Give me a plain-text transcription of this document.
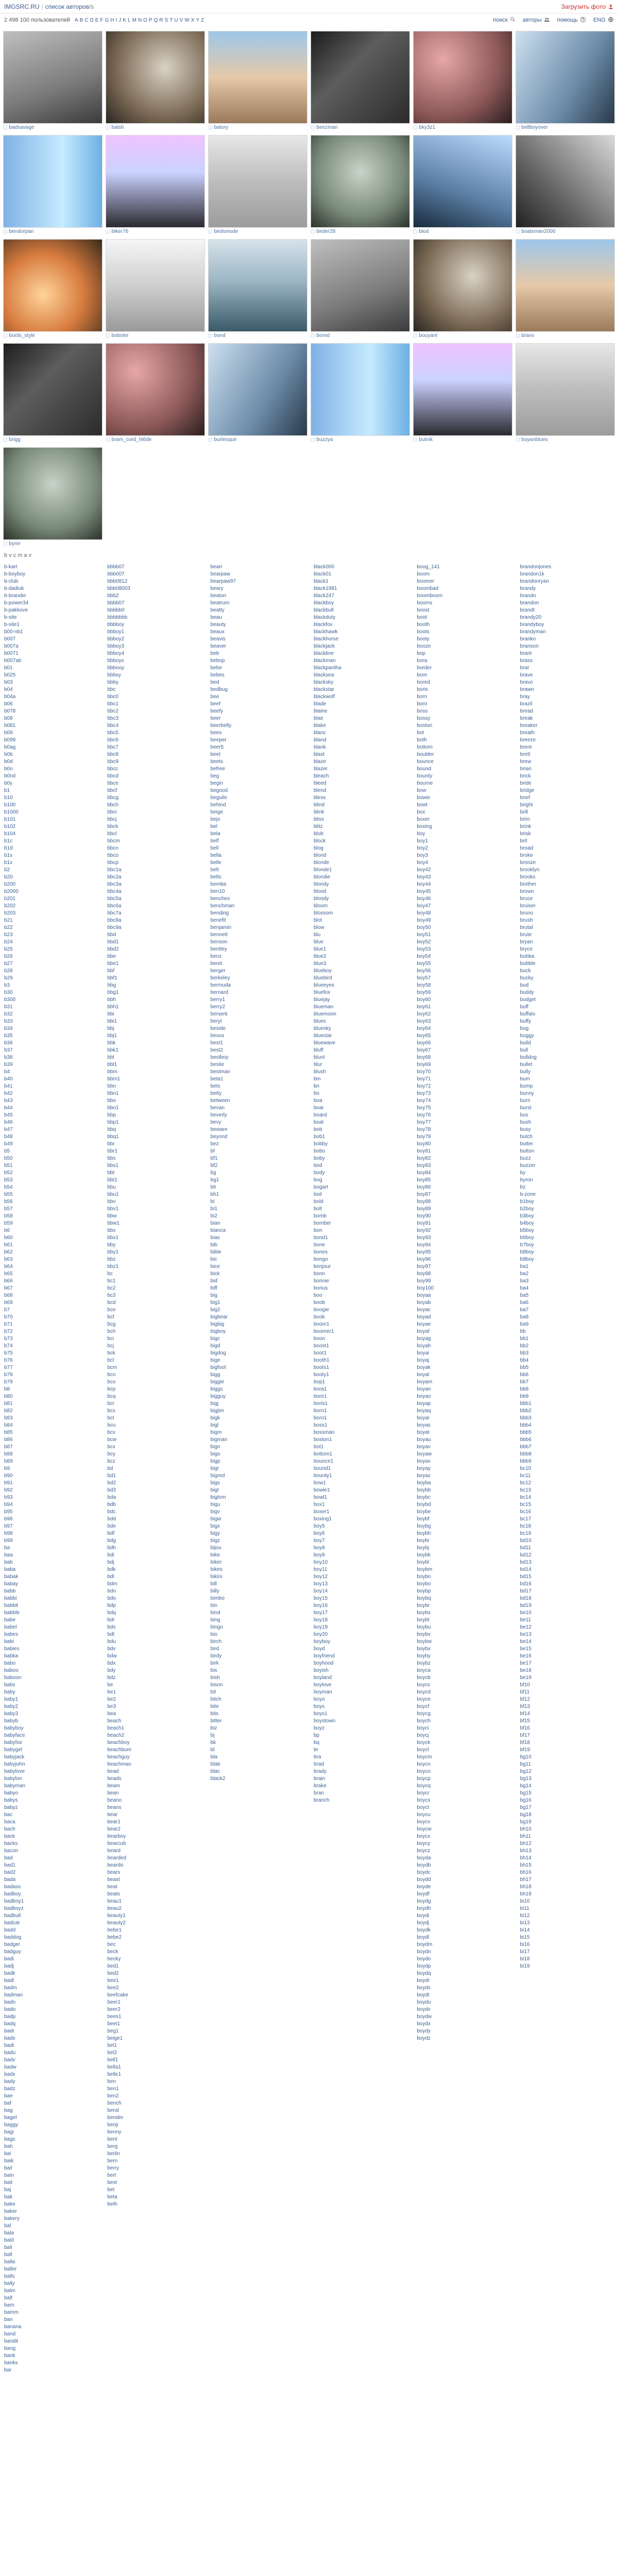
IMGSRC.RU | список авторов/s	Загрузить фото
2 498 100 пользователей A B C D E F G H I J K L M N O P Q R S T U V W X Y Z	поиск	авторы	помощь	ENG
▢ badsavage	▢ balsh	▢ batory	▢ beezman	▢ bky3z1	▢ bellboyover
▢ bendorpan	▢ biker76	▢ birdsmode	▢ birder28	▢ blod	▢ boatsman2000
▢ boots_style	▢ bobster	▢ bond	▢ bored	▢ bouyant	▢ bravo
▢ brigg	▢ bram_cord_hi6de	▢ burlesque	▢ buzzya	▢ butnik	▢ buyanblues
▢ byrer
b v c m a v
b-kart
b-boyboy
b-club
b-dadiuk
b-brandie
b-power34
b-pakkove
b-site
b-site1
b00-nb1
b007
b007a
b0071
b007ab
b01
b025
b03
b04
b04a
b06
b078
b08
b081
b09
b099
b0ag
b0b
b0d
b0n
b0nd
b0y
b1
b10
b100
b1000
b101
b102
b104
b1c
b1d
b1s
b1x
b2
b20
b200
b2000
b201
b202
b203
b21
b22
b23
b24
b25
b26
b27
b28
b29
b3
b30
b300
b31
b32
b33
b34
b35
b36
b37
b38
b39
b4
b40
b41
b42
b43
b44
b45
b46
b47
b48
b49
b5
b50
b51
b52
b53
b54
b55
b56
b57
b58
b59
b6
b60
b61
b62
b63
b64
b65
b66
b67
b68
b69
b7
b70
b71
b72
b73
b74
b75
b76
b77
b78
b79
b8
b80
b81
b82
b83
b84
b85
b86
b87
b88
b89
b9
b90
b91
b92
b93
b94
b95
b96
b97
b98
b99
ba
baa
bab
baba
babak
babay
babb
babbi
babbit
babble
babe
babel
babes
babi
babies
babka
babo
baboo
baboon
babs
baby
baby1
baby2
baby3
babyb
babyboy
babyface
babyfox
babygirl
babyjack
babyjohn
babylove
babylon
babyman
babyo
babys
babyz
bac
baca
bach
back
backs
bacon
bad
bad1
bad2
bada
badass
badboy
badboy1
badboyz
badbull
badcat
badd
baddog
badger
badguy
badi
badj
badk
badl
badm
badman
badn
bado
badp
badq
badr
bads
badt
badu
badv
badw
badx
bady
badz
bae
baf
bag
bagel
baggy
bagi
bags
bah
bai
baik
bail
bain
bait
baj
bak
bake
baker
bakery
bal
bala
bald
bali
ball
balla
baller
balls
bally
balm
balt
bam
bamm
ban
banana
band
bandit
bang
bank
banks
bar
bbbb07
bbb007
bbb0812
bbb08003
bbb2
bbbb07
bbbbb0
bbbbbbb
bbbboy
bbboy1
bbboy2
bbboy3
bbboy4
bbboys
bbbooy
bbbxy
bbby
bbc
bbc0
bbc1
bbc2
bbc3
bbc4
bbc5
bbc6
bbc7
bbc8
bbc9
bbcc
bbcd
bbce
bbcf
bbcg
bbch
bbci
bbcj
bbck
bbcl
bbcm
bbcn
bbco
bbcp
bbc1a
bbc2a
bbc3a
bbc4a
bbc5a
bbc6a
bbc7a
bbc8a
bbc9a
bbd
bbd1
bbd2
bbe
bbe1
bbf
bbf1
bbg
bbg1
bbh
bbh1
bbi
bbi1
bbj
bbj1
bbk
bbk1
bbl
bbl1
bbm
bbm1
bbn
bbn1
bbo
bbo1
bbp
bbp1
bbq
bbq1
bbr
bbr1
bbs
bbs1
bbt
bbt1
bbu
bbu1
bbv
bbv1
bbw
bbw1
bbx
bbx1
bby
bby1
bbz
bbz1
bc
bc1
bc2
bc3
bcd
bce
bcf
bcg
bch
bci
bcj
bck
bcl
bcm
bcn
bco
bcp
bcq
bcr
bcs
bct
bcu
bcv
bcw
bcx
bcy
bcz
bd
bd1
bd2
bd3
bda
bdb
bdc
bdd
bde
bdf
bdg
bdh
bdi
bdj
bdk
bdl
bdm
bdn
bdo
bdp
bdq
bdr
bds
bdt
bdu
bdv
bdw
bdx
bdy
bdz
be
be1
be2
be3
bea
beach
beach1
beach2
beachboy
beachbum
beachguy
beachman
bead
beads
beam
bean
beano
beans
bear
bear1
bear2
bearboy
bearcub
beard
bearded
beardo
bears
beast
beat
beats
beau1
beau2
beauty1
beauty2
bebe1
bebe2
bec
beck
becky
bed1
bed2
bee1
bee2
beefcake
beer1
beer2
bees1
beet1
beg1
beige1
bel1
bel2
bell1
bella1
belle1
ben
ben1
ben2
bench
bend
bender
benji
benny
bent
berg
berlin
bern
berry
bert
best
bet
beta
beth
bearr
bearpaw
bearpaw97
beary
beaton
beatrum
beatty
beau
beauty
beaux
beavis
beaver
beb
bebop
bebe
bebes
bed
bedbug
bee
beef
beefy
beer
beerbelly
bees
beeper
beer5
beet
beets
befree
beg
begin
begood
beguile
behind
beige
bejo
bel
bela
belf
bell
bella
belle
belt
belts
bemba
ben10
benches
benchman
bending
benefit
benjamin
bennett
benson
bentley
benz
beret
berger
berkeley
bermuda
bernard
berry1
berry2
berserk
beryl
beside
besos
best1
best2
bestboy
bestie
bestman
beta1
bets
betty
between
bevan
beverly
bevy
beware
beyond
bez
bf
bf1
bf2
bg
bg1
bh
bh1
bi
bi1
bi2
bian
bianca
bias
bib
bible
bic
bice
bick
bid
biff
big
big1
big2
bigbear
bigbig
bigboy
bigc
bigd
bigdog
bige
bigfoot
bigg
biggie
biggs
bigguy
bigj
bigjim
bigk
bigl
bigm
bigman
bign
bigo
bigp
bigr
bigred
bigs
bigt
bigtom
bigu
bigv
bigw
bigx
bigy
bigz
bijou
bike
biker
bikes
bikini
bill
billy
bimbo
bin
bind
bing
bingo
bio
birch
bird
birdy
birk
bis
bish
bison
bit
bitch
bite
bits
bitter
biz
bj
bk
bl
bla
blab
blac
black2
black000
black01
black1
black1981
black247
blackboy
blackbull
blackduty
blackfox
blackhawk
blackhorse
blackjack
blackline
blackman
blackpantha
blacksea
blacksky
blackstar
blackwolf
blade
blaine
blair
blake
blanc
bland
blank
blast
blaze
blazer
bleach
bleed
blend
bless
blind
blink
bliss
blitz
blob
block
blog
blond
blonde
blonde1
blondie
blondy
blood
bloody
bloom
blossom
blot
blow
blu
blue
blue1
blue2
blue3
blueboy
bluebird
blueeyes
bluefox
bluejay
blueman
bluemoon
blues
bluesky
bluestar
bluewave
bluff
blunt
blur
blush
bm
bn
bo
boa
boar
board
boat
bob
bob1
bobby
bobo
boby
bod
body
bog
bogart
boil
bold
bolt
bomb
bomber
bon
bond1
bone
bones
bongo
bonjour
bonn
bonnie
bonus
boo
boob
boogie
book
boom1
boomer1
boon
boost1
boot1
booth1
boots1
booty1
bop1
bora1
bore1
boris1
born1
boro1
boss1
bossman
boston1
bot1
bottom1
bounce1
bound1
bounty1
bow1
bowie1
bowl1
box1
boxer1
boxing1
boy5
boy6
boy7
boy8
boy9
boy10
boy11
boy12
boy13
boy14
boy15
boy16
boy17
boy18
boy19
boy20
boyboy
boyd
boyfriend
boyhood
boyish
boyland
boylove
boyman
boyo
boys
boys1
boystown
boyz
bp
bq
br
bra
brad
brady
brain
brake
bran
branch
boog_141
boom
boomer
boombad
boomboom
booms
boost
boot
booth
boots
booty
booze
bop
bora
border
bore
bored
boris
born
boro
boss
bossy
boston
bot
both
bottom
boulder
bounce
bound
bounty
bourne
bow
bowie
bowl
box
boxer
boxing
boy
boy1
boy2
boy3
boy4
boy42
boy43
boy44
boy45
boy46
boy47
boy48
boy49
boy50
boy51
boy52
boy53
boy54
boy55
boy56
boy57
boy58
boy59
boy60
boy61
boy62
boy63
boy64
boy65
boy66
boy67
boy68
boy69
boy70
boy71
boy72
boy73
boy74
boy75
boy76
boy77
boy78
boy79
boy80
boy81
boy82
boy83
boy84
boy85
boy86
boy87
boy88
boy89
boy90
boy91
boy92
boy93
boy94
boy95
boy96
boy97
boy98
boy99
boy100
boyaa
boyab
boyac
boyad
boyae
boyaf
boyag
boyah
boyai
boyaj
boyak
boyal
boyam
boyan
boyao
boyap
boyaq
boyar
boyas
boyat
boyau
boyav
boyaw
boyax
boyay
boyaz
boyba
boybb
boybc
boybd
boybe
boybf
boybg
boybh
boybi
boybj
boybk
boybl
boybm
boybn
boybo
boybp
boybq
boybr
boybs
boybt
boybu
boybv
boybw
boybx
boyby
boybz
boyca
boycb
boycc
boycd
boyce
boycf
boycg
boych
boyci
boycj
boyck
boycl
boycm
boycn
boyco
boycp
boycq
boycr
boycs
boyct
boycu
boycv
boycw
boycx
boycy
boycz
boyda
boydb
boydc
boydd
boyde
boydf
boydg
boydh
boydi
boydj
boydk
boydl
boydm
boydn
boydo
boydp
boydq
boydr
boyds
boydt
boydu
boydv
boydw
boydx
boydy
boydz
brandonjones
brandon1k
brandonryan
brandy
brando
brandon
brandt
brandy20
brandyboy
brandyman
branko
branson
brant
brass
brat
brave
bravo
brawn
bray
brazil
bread
break
breaker
breath
breeze
brent
brett
brew
brian
brick
bride
bridge
brief
bright
brill
brim
brink
brisk
brit
broad
broke
bronze
brooklyn
brooks
brother
brown
bruce
bruiser
bruno
brush
brutal
brute
bryan
bryce
bubba
bubble
buck
bucky
bud
buddy
budget
buff
buffalo
buffy
bug
buggy
build
bull
bulldog
bullet
bully
bum
bump
bunny
burn
burst
bus
bush
busy
butch
butter
button
buzz
buzzer
by
byron
bz
b-zone
b1boy
b2boy
b3boy
b4boy
b5boy
b6boy
b7boy
b8boy
b9boy
ba1
ba2
ba3
ba4
ba5
ba6
ba7
ba8
ba9
bb
bb1
bb2
bb3
bb4
bb5
bb6
bb7
bb8
bb9
bbb1
bbb2
bbb3
bbb4
bbb5
bbb6
bbb7
bbb8
bbb9
bc10
bc11
bc12
bc13
bc14
bc15
bc16
bc17
bc18
bc19
bd10
bd11
bd12
bd13
bd14
bd15
bd16
bd17
bd18
bd19
be10
be11
be12
be13
be14
be15
be16
be17
be18
be19
bf10
bf11
bf12
bf13
bf14
bf15
bf16
bf17
bf18
bf19
bg10
bg11
bg12
bg13
bg14
bg15
bg16
bg17
bg18
bg19
bh10
bh11
bh12
bh13
bh14
bh15
bh16
bh17
bh18
bh19
bi10
bi11
bi12
bi13
bi14
bi15
bi16
bi17
bi18
bi19
